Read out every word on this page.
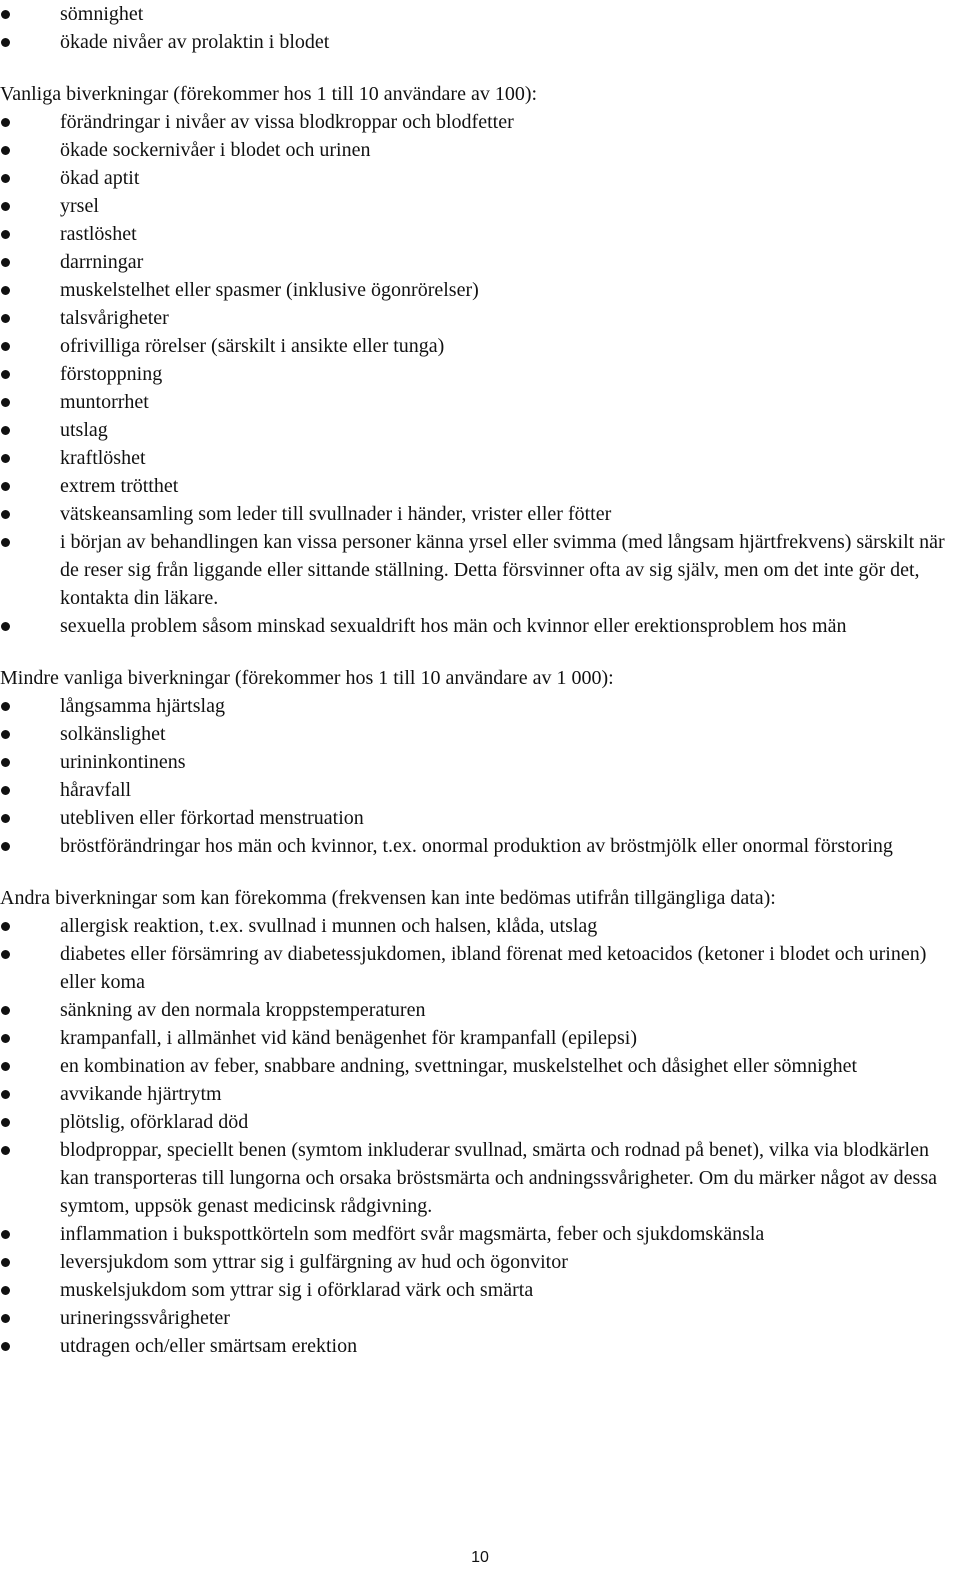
sömnighet
ökade nivåer av prolaktin i blodet

Vanliga biverkningar (förekommer hos 1 till 10 användare av 100):

förändringar i nivåer av vissa blodkroppar och blodfetter
ökade sockernivåer i blodet och urinen
ökad aptit
yrsel
rastlöshet
darrningar
muskelstelhet eller spasmer (inklusive ögonrörelser)
talsvårigheter
ofrivilliga rörelser (särskilt i ansikte eller tunga)
förstoppning
muntorrhet
utslag
kraftlöshet
extrem trötthet
vätskeansamling som leder till svullnader i händer, vrister eller fötter
i början av behandlingen kan vissa personer känna yrsel eller svimma (med långsam hjärtfrekvens) särskilt när de reser sig från liggande eller sittande ställning. Detta försvinner ofta av sig själv, men om det inte gör det, kontakta din läkare.
sexuella problem såsom minskad sexualdrift hos män och kvinnor eller erektionsproblem hos män

Mindre vanliga biverkningar (förekommer hos 1 till 10 användare av 1 000):

långsamma hjärtslag
solkänslighet
urininkontinens
håravfall
utebliven eller förkortad menstruation
bröstförändringar hos män och kvinnor, t.ex. onormal produktion av bröstmjölk eller onormal förstoring

Andra biverkningar som kan förekomma (frekvensen kan inte bedömas utifrån tillgängliga data):

allergisk reaktion, t.ex. svullnad i munnen och halsen, klåda, utslag
diabetes eller försämring av diabetessjukdomen, ibland förenat med ketoacidos (ketoner i blodet och urinen) eller koma
sänkning av den normala kroppstemperaturen
krampanfall, i allmänhet vid känd benägenhet för krampanfall (epilepsi)
en kombination av feber, snabbare andning, svettningar, muskelstelhet och dåsighet eller sömnighet
avvikande hjärtrytm
plötslig, oförklarad död
blodproppar, speciellt benen (symtom inkluderar svullnad, smärta och rodnad på benet), vilka via blodkärlen kan transporteras till lungorna och orsaka bröstsmärta och andningssvårigheter. Om du märker något av dessa symtom, uppsök genast medicinsk rådgivning.
inflammation i bukspottkörteln som medfört svår magsmärta, feber och sjukdomskänsla
leversjukdom som yttrar sig i gulfärgning av hud och ögonvitor
muskelsjukdom som yttrar sig i oförklarad värk och smärta
urineringssvårigheter
utdragen och/eller smärtsam erektion
10
